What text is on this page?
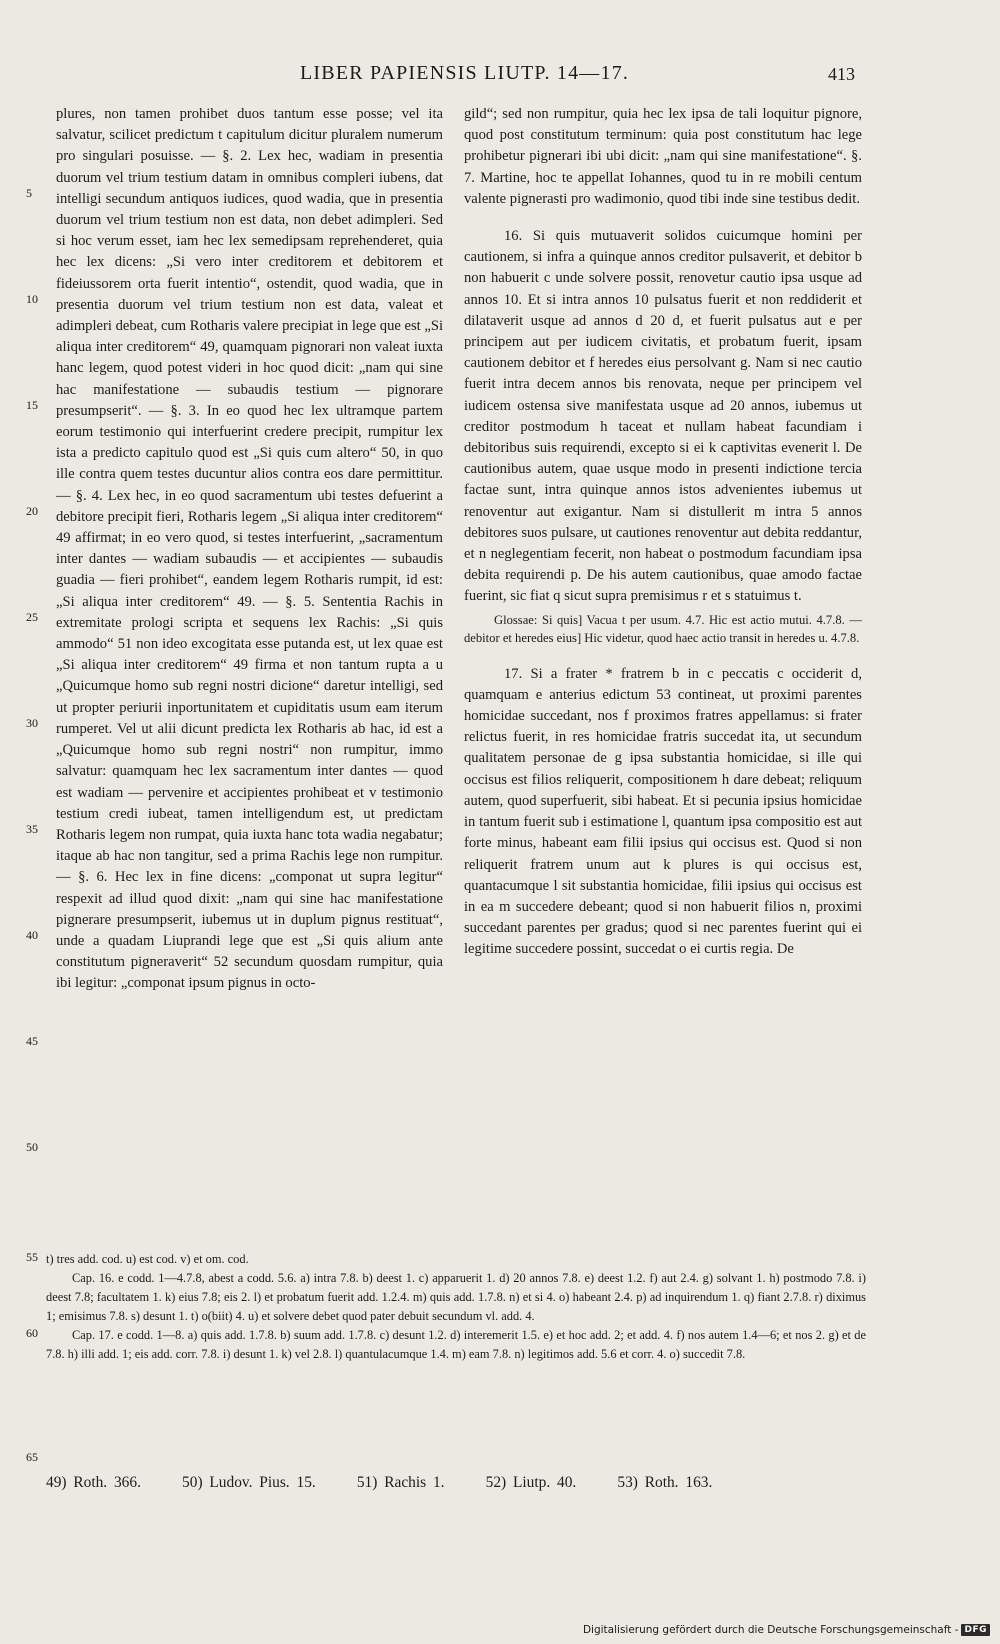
LIBER PAPIENSIS LIUTP. 14—17.	413
5
10
15
20
25
30
35
40
45
50

plures, non tamen prohibet duos tantum esse posse; vel ita salvatur, scilicet predictum t capitulum dicitur pluralem numerum pro singulari posuisse. — §. 2. Lex hec, wadiam in presentia duorum vel trium testium datam in omnibus compleri iubens, dat intelligi secundum antiquos iudices, quod wadia, que in presentia duorum vel trium testium non est data, non debet adimpleri. Sed si hoc verum esset, iam hec lex semedipsam reprehenderet, quia hec lex dicens: „Si vero inter creditorem et debitorem et fideiussorem orta fuerit intentio“, ostendit, quod wadia, que in presentia duorum vel trium testium non est data, valeat et adimpleri debeat, cum Rotharis valere precipiat in lege que est „Si aliqua inter creditorem“ 49, quamquam pignorari non valeat iuxta hanc legem, quod potest videri in hoc quod dicit: „nam qui sine hac manifestatione — subaudis testium — pignorare presumpserit“. — §. 3. In eo quod hec lex ultramque partem eorum testimonio qui interfuerint credere precipit, rumpitur lex ista a predicto capitulo quod est „Si quis cum altero“ 50, in quo ille contra quem testes ducuntur alios contra eos dare permittitur. — §. 4. Lex hec, in eo quod sacramentum ubi testes defuerint a debitore precipit fieri, Rotharis legem „Si aliqua inter creditorem“ 49 affirmat; in eo vero quod, si testes interfuerint, „sacramentum inter dantes — wadiam subaudis — et accipientes — subaudis guadia — fieri prohibet“, eandem legem Rotharis rumpit, id est: „Si aliqua inter creditorem“ 49. — §. 5. Sententia Rachis in extremitate prologi scripta et sequens lex Rachis: „Si quis ammodo“ 51 non ideo excogitata esse putanda est, ut lex quae est „Si aliqua inter creditorem“ 49 firma et non tantum rupta a u „Quicumque homo sub regni nostri dicione“ daretur intelligi, sed ut propter periurii inportunitatem et cupiditatis usum eam iterum rumperet. Vel ut alii dicunt predicta lex Rotharis ab hac, id est a „Quicumque homo sub regni nostri“ non rumpitur, immo salvatur: quamquam hec lex sacramentum inter dantes — quod est wadiam — pervenire et accipientes prohibeat et v testimonio testium credi iubeat, tamen intelligendum est, ut predictam Rotharis legem non rumpat, quia iuxta hanc tota wadia negabatur; itaque ab hac non tangitur, sed a prima Rachis lege non rumpitur. — §. 6. Hec lex in fine dicens: „componat ut supra legitur“ respexit ad illud quod dixit: „nam qui sine hac manifestatione pignerare presumpserit, iubemus ut in duplum pignus restituat“, unde a quadam Liuprandi lege que est „Si quis alium ante constitutum pigneraverit“ 52 secundum quosdam rumpitur, quia ibi legitur: „componat ipsum pignus in octo-

gild“; sed non rumpitur, quia hec lex ipsa de tali loquitur pignore, quod post constitutum terminum: quia post constitutum hac lege prohibetur pignerari ibi ubi dicit: „nam qui sine manifestatione“. §. 7. Martine, hoc te appellat Iohannes, quod tu in re mobili centum valente pignerasti pro wadimonio, quod tibi inde sine testibus dedit.

16. Si quis mutuaverit solidos cuicumque homini per cautionem, si infra a quinque annos creditor pulsaverit, et debitor b non habuerit c unde solvere possit, renovetur cautio ipsa usque ad annos 10. Et si intra annos 10 pulsatus fuerit et non reddiderit et dilataverit usque ad annos d 20 d, et fuerit pulsatus aut e per principem aut per iudicem civitatis, et probatum fuerit, ipsam cautionem debitor et f heredes eius persolvant g. Nam si nec cautio fuerit intra decem annos bis renovata, neque per principem vel iudicem ostensa sive manifestata usque ad 20 annos, iubemus ut creditor postmodum h taceat et nullam habeat facundiam i debitoribus suis requirendi, excepto si ei k captivitas evenerit l. De cautionibus autem, quae usque modo in presenti indictione tercia factae sunt, intra quinque annos istos advenientes iubemus ut renoventur aut exigantur. Nam si distullerit m intra 5 annos debitores suos pulsare, ut cautiones renoventur aut debita reddantur, et n neglegentiam fecerit, non habeat o postmodum facundiam ipsa debita requirendi p. De his autem cautionibus, quae amodo factae fuerint, sic fiat q sicut supra premisimus r et s statuimus t.

Glossae: Si quis] Vacua t per usum. 4.7. Hic est actio mutui. 4.7.8. — debitor et heredes eius] Hic videtur, quod haec actio transit in heredes u. 4.7.8.

17. Si a frater * fratrem b in c peccatis c occiderit d, quamquam e anterius edictum 53 contineat, ut proximi parentes homicidae succedant, nos f proximos fratres appellamus: si frater relictus fuerit, in res homicidae fratris succedat ita, ut secundum qualitatem personae de g ipsa substantia homicidae, si ille qui occisus est filios reliquerit, compositionem h dare debeat; reliquum autem, quod superfuerit, sibi habeat. Et si pecunia ipsius homicidae in tantum fuerit sub i estimatione l, quantum ipsa compositio est aut forte minus, habeant eam filii ipsius qui occisus est. Quod si non reliquerit fratrem unum aut k plures is qui occisus est, quantacumque l sit substantia homicidae, filii ipsius qui occisus est in ea m succedere debeant; quod si non habuerit filios n, proximi succedant parentes per gradus; quod si nec parentes fuerint qui ei legitime succedere possint, succedat o ei curtis regia. De

55
60
65

t) tres add. cod. u) est cod. v) et om. cod.

Cap. 16. e codd. 1—4.7.8, abest a codd. 5.6. a) intra 7.8. b) deest 1. c) apparuerit 1. d) 20 annos 7.8. e) deest 1.2. f) aut 2.4. g) solvant 1. h) postmodo 7.8. i) deest 7.8; facultatem 1. k) eius 7.8; eis 2. l) et probatum fuerit add. 1.2.4. m) quis add. 1.7.8. n) et si 4. o) habeant 2.4. p) ad inquirendum 1. q) fiant 2.7.8. r) diximus 1; emisimus 7.8. s) desunt 1. t) o(biit) 4. u) et solvere debet quod pater debuit secundum vl. add. 4.

Cap. 17. e codd. 1—8. a) quis add. 1.7.8. b) suum add. 1.7.8. c) desunt 1.2. d) interemerit 1.5. e) et hoc add. 2; et add. 4. f) nos autem 1.4—6; et nos 2. g) et de 7.8. h) illi add. 1; eis add. corr. 7.8. i) desunt 1. k) vel 2.8. l) quantulacumque 1.4. m) eam 7.8. n) legitimos add. 5.6 et corr. 4. o) succedit 7.8.

49) Roth. 366.	50) Ludov. Pius. 15.	51) Rachis 1.	52) Liutp. 40.	53) Roth. 163.
Digitalisierung gefördert durch die Deutsche Forschungsgemeinschaft - DFG
